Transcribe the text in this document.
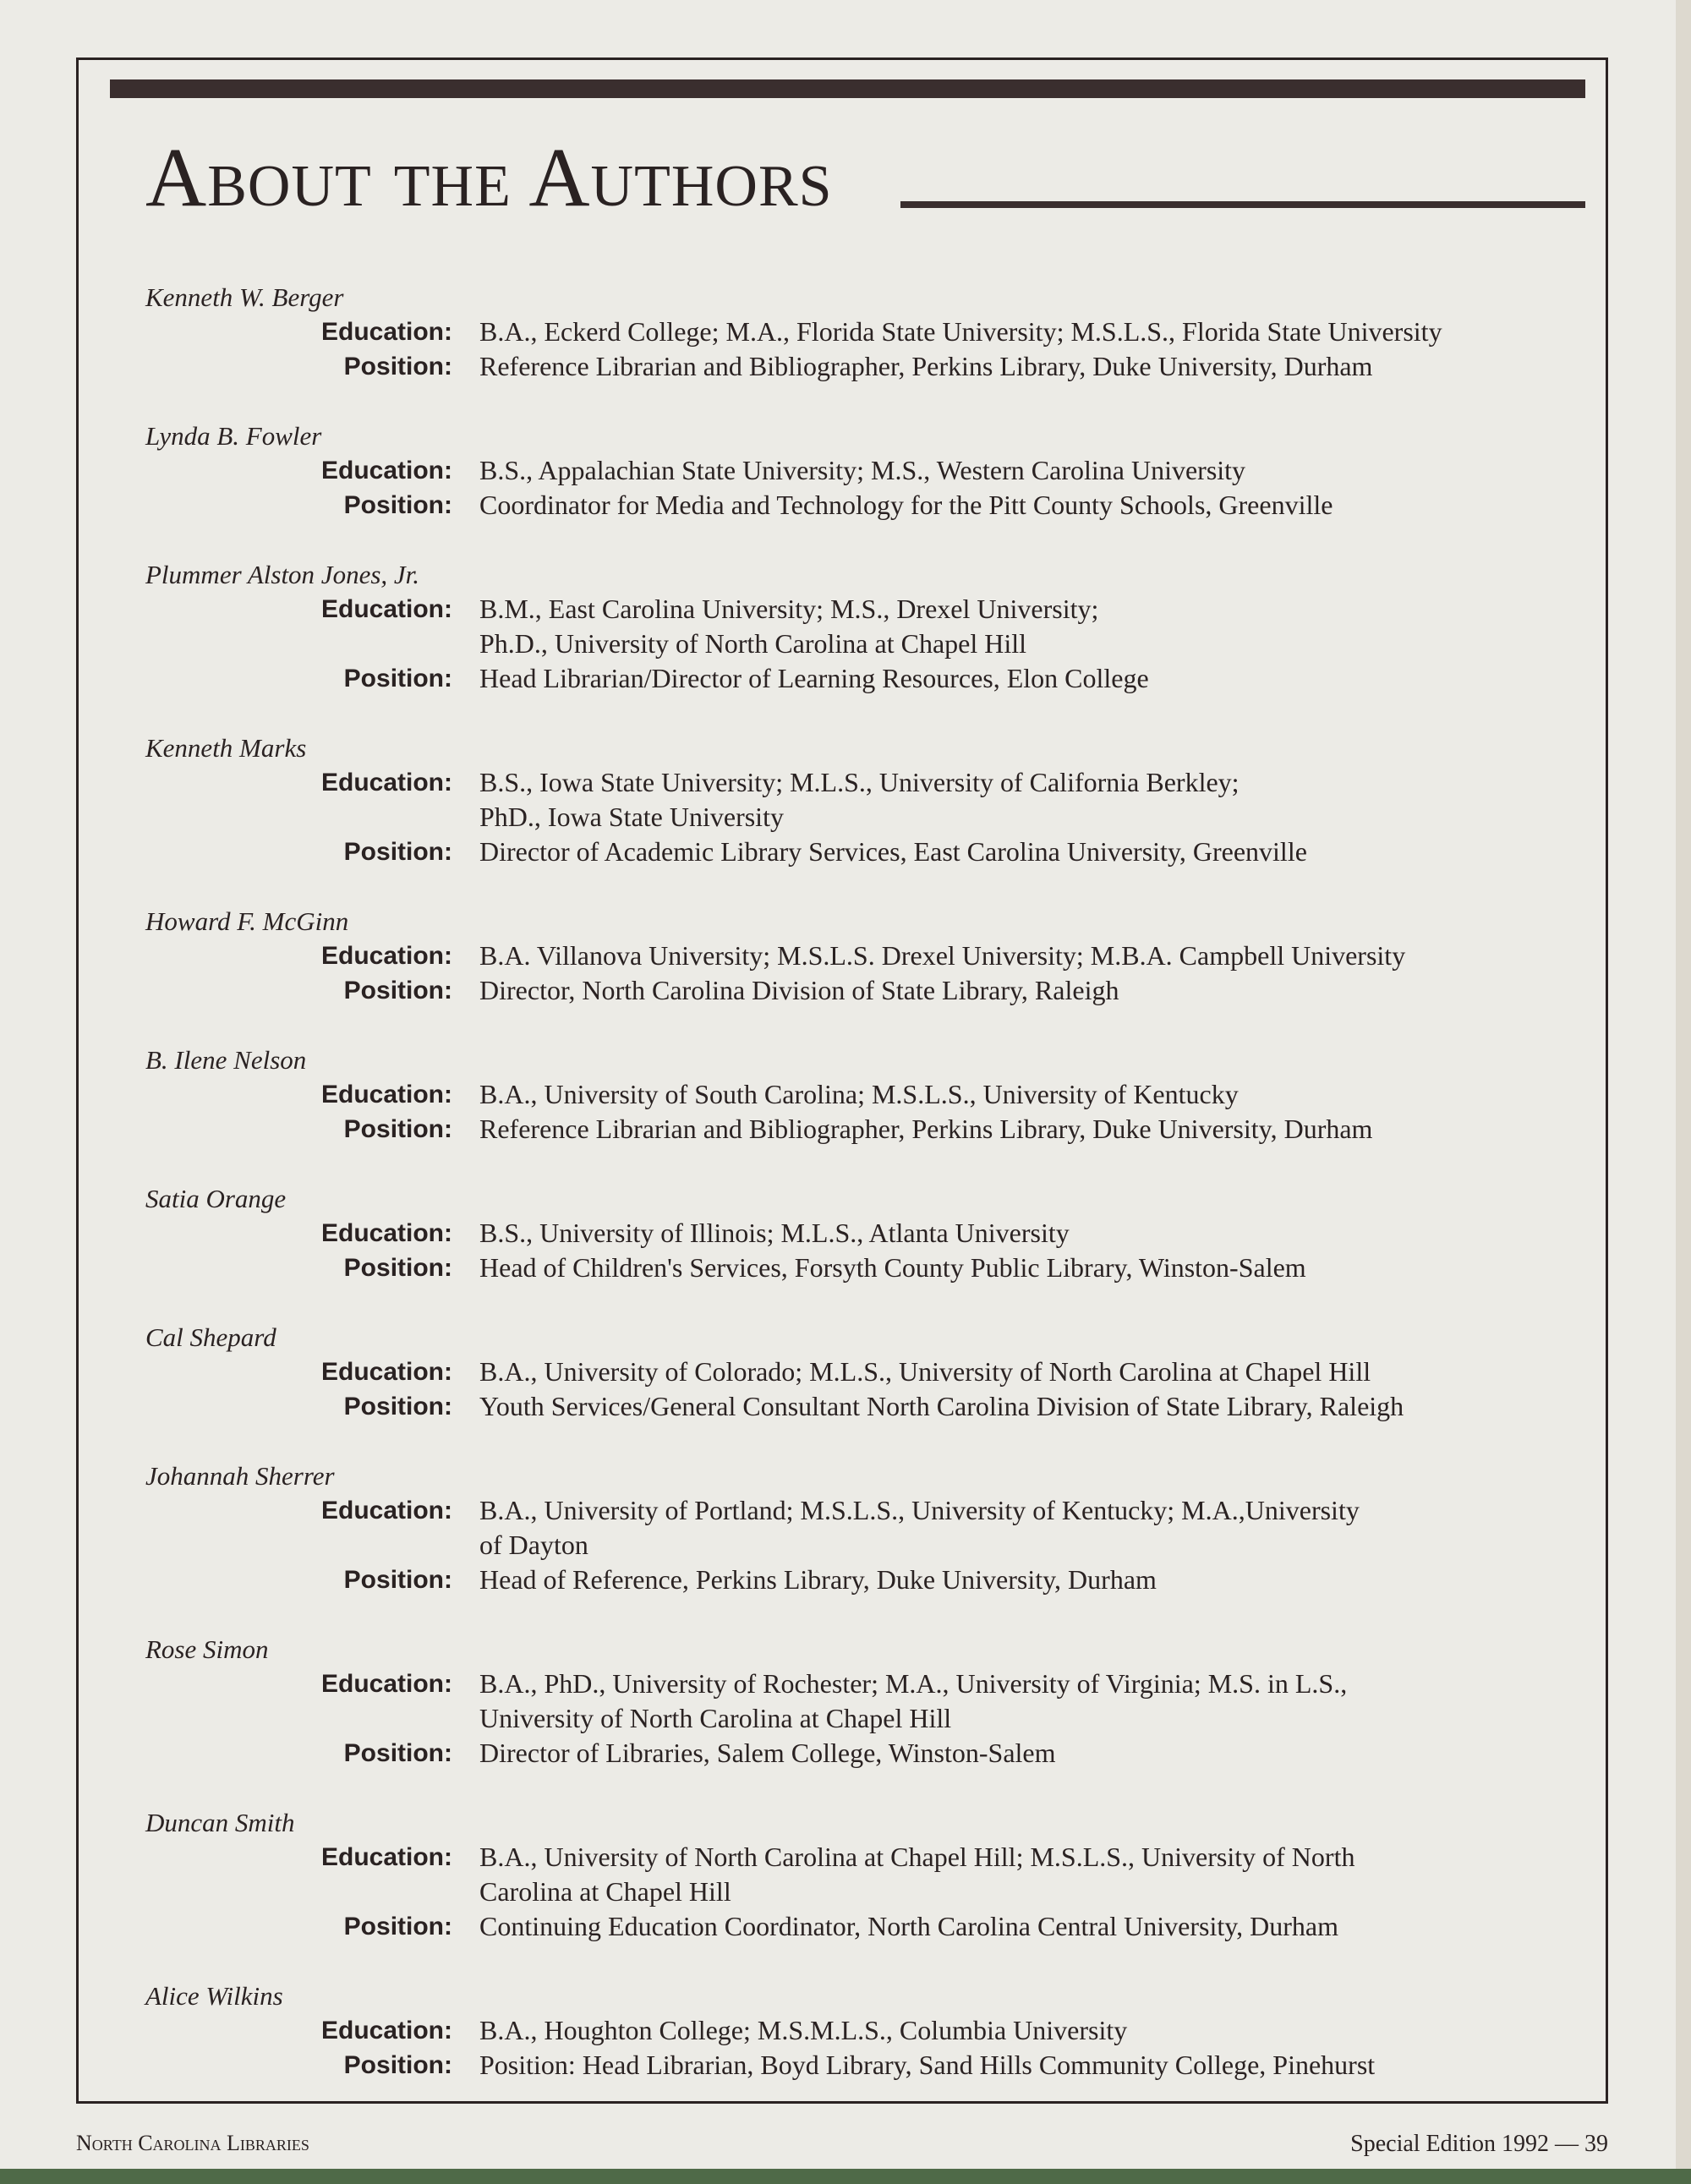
About the Authors
Kenneth W. Berger
Education:	B.A., Eckerd College; M.A., Florida State University; M.S.L.S., Florida State University
Position:	Reference Librarian and Bibliographer, Perkins Library, Duke University, Durham
Lynda B. Fowler
Education:	B.S., Appalachian State University; M.S., Western Carolina University
Position:	Coordinator for Media and Technology for the Pitt County Schools, Greenville
Plummer Alston Jones, Jr.
Education:	B.M., East Carolina University; M.S., Drexel University;
Ph.D., University of North Carolina at Chapel Hill
Position:	Head Librarian/Director of Learning Resources, Elon College
Kenneth Marks
Education:	B.S., Iowa State University; M.L.S., University of California Berkley;
PhD., Iowa State University
Position:	Director of Academic Library Services, East Carolina University, Greenville
Howard F. McGinn
Education:	B.A. Villanova University; M.S.L.S. Drexel University; M.B.A. Campbell University
Position:	Director, North Carolina Division of State Library, Raleigh
B. Ilene Nelson
Education:	B.A., University of South Carolina; M.S.L.S., University of Kentucky
Position:	Reference Librarian and Bibliographer, Perkins Library, Duke University, Durham
Satia Orange
Education:	B.S., University of Illinois; M.L.S., Atlanta University
Position:	Head of Children's Services, Forsyth County Public Library, Winston-Salem
Cal Shepard
Education:	B.A., University of Colorado; M.L.S., University of North Carolina at Chapel Hill
Position:	Youth Services/General Consultant North Carolina Division of State Library, Raleigh
Johannah Sherrer
Education:	B.A., University of Portland; M.S.L.S., University of Kentucky; M.A.,University
of Dayton
Position:	Head of Reference, Perkins Library, Duke University, Durham
Rose Simon
Education:	B.A., PhD., University of Rochester; M.A., University of Virginia; M.S. in L.S.,
University of North Carolina at Chapel Hill
Position:	Director of Libraries, Salem College, Winston-Salem
Duncan Smith
Education:	B.A., University of North Carolina at Chapel Hill; M.S.L.S., University of North
Carolina at Chapel Hill
Position:	Continuing Education Coordinator, North Carolina Central University, Durham
Alice Wilkins
Education:	B.A., Houghton College; M.S.M.L.S., Columbia University
Position:	Position: Head Librarian, Boyd Library, Sand Hills Community College, Pinehurst
North Carolina Libraries	Special Edition 1992 — 39
